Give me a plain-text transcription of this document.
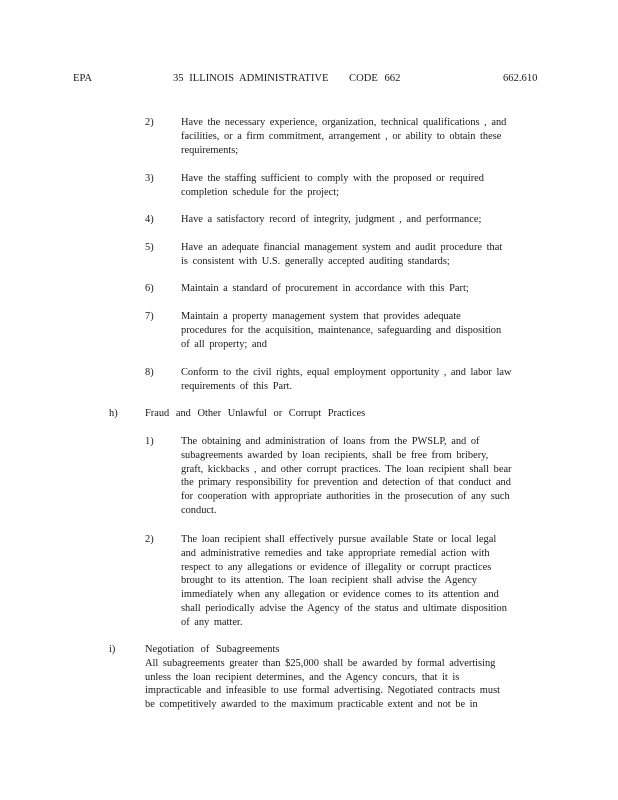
EPA	35 ILLINOIS ADMINISTRATIVE CODE 662	662.610
2)	Have the necessary experience, organization, technical qualifications , and
facilities, or a firm commitment, arrangement , or ability to obtain these
requirements;
3)	Have the staffing sufficient to comply with the proposed or required
completion schedule for the project;
4)	Have a satisfactory record of integrity, judgment , and performance;
5)	Have an adequate financial management system and audit procedure that
is consistent with U.S. generally accepted auditing standards;
6)	Maintain a standard of procurement in accordance with this Part;
7)	Maintain a property management system that provides adequate
procedures for the acquisition, maintenance, safeguarding and disposition
of all property; and
8)	Conform to the civil rights, equal employment opportunity , and labor law
requirements of this Part.
h)	Fraud and Other Unlawful or Corrupt Practices
1)	The obtaining and administration of loans from the PWSLP, and of
subagreements awarded by loan recipients, shall be free from bribery,
graft, kickbacks , and other corrupt practices. The loan recipient shall bear
the primary responsibility for prevention and detection of that conduct and
for cooperation with appropriate authorities in the prosecution of any such
conduct.
2)	The loan recipient shall effectively pursue available State or local legal
and administrative remedies and take appropriate remedial action with
respect to any allegations or evidence of illegality or corrupt practices
brought to its attention. The loan recipient shall advise the Agency
immediately when any allegation or evidence comes to its attention and
shall periodically advise the Agency of the status and ultimate disposition
of any matter.
i)	Negotiation of Subagreements
All subagreements greater than $25,000 shall be awarded by formal advertising
unless the loan recipient determines, and the Agency concurs, that it is
impracticable and infeasible to use formal advertising. Negotiated contracts must
be competitively awarded to the maximum practicable extent and not be in
